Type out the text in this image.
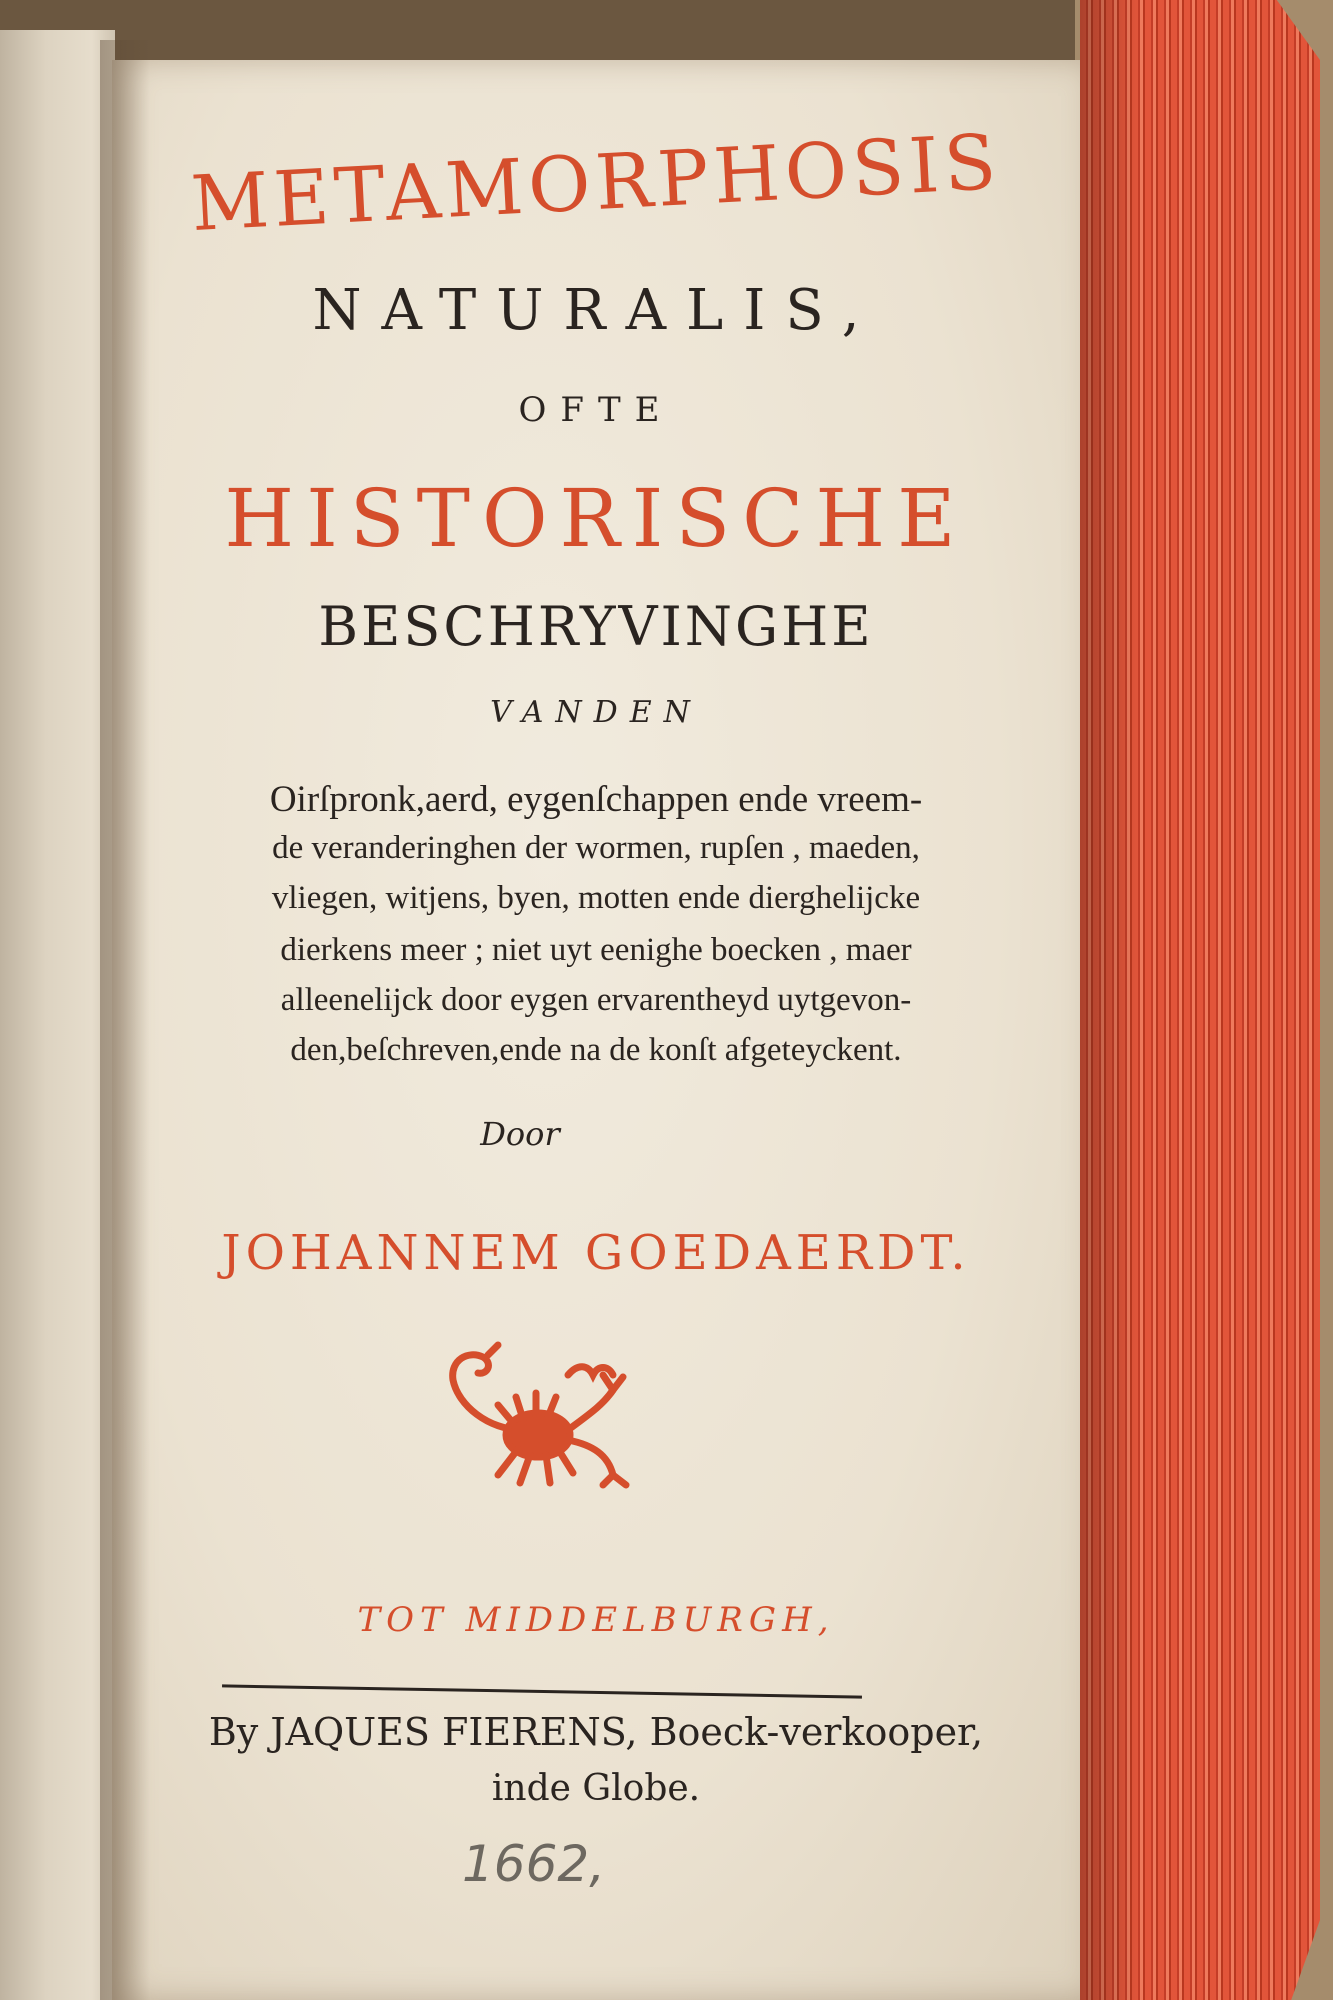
METAMORPHOSIS

NATURALIS,

OFTE

HISTORISCHE

BESCHRYVINGHE

VANDEN

Oirſpronk,aerd, eygenſchappen ende vreem-

de veranderinghen der wormen, rupſen , maeden,

vliegen, witjens, byen, motten ende dierghelijcke

dierkens meer ; niet uyt eenighe boecken , maer

alleenelijck door eygen ervarentheyd uytgevon-

den,beſchreven,ende na de konſt afgeteyckent.

Door

JOHANNEM GOEDAERDT.

TOT MIDDELBURGH,

By JAQUES FIERENS, Boeck-verkooper,

inde Globe.

1662,
